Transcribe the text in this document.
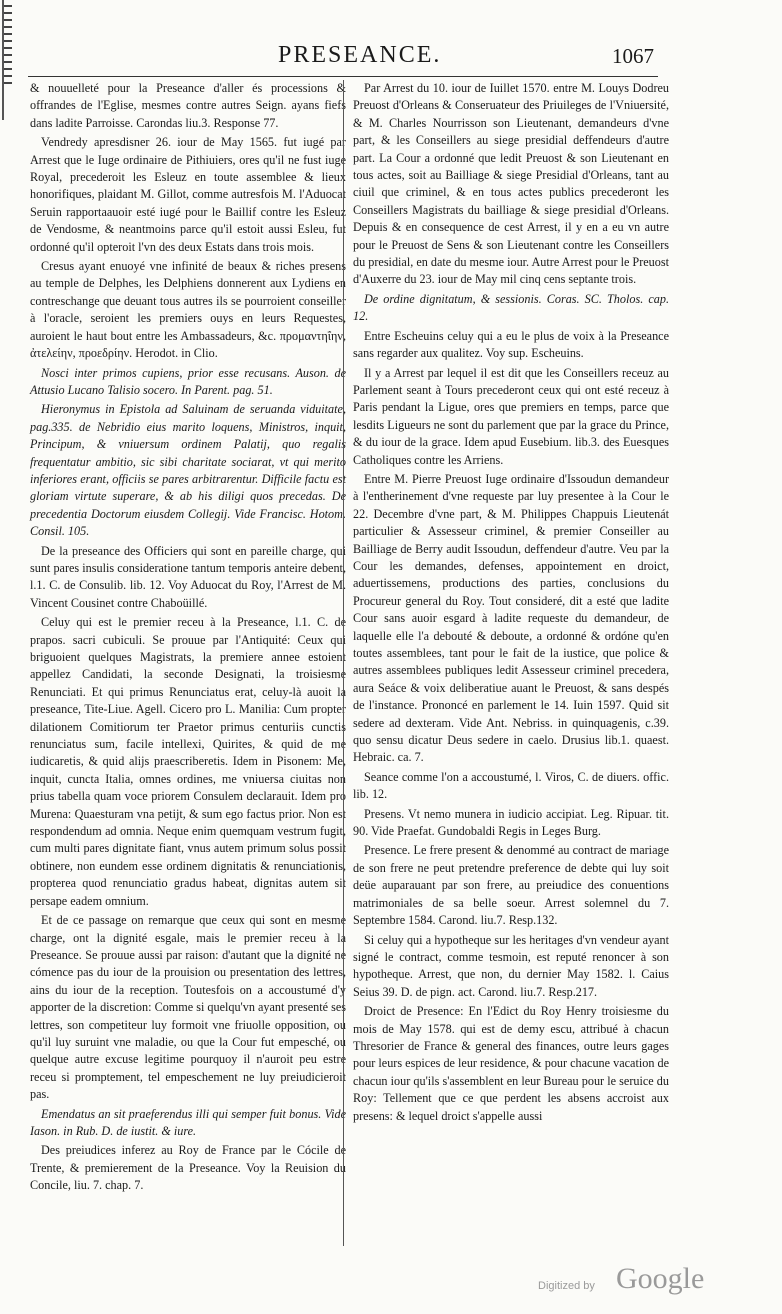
PRESEANCE.	1067

& nouuelleté pour la Preseance d'aller és processions & offrandes de l'Eglise, mesmes contre autres Seign. ayans fiefs dans ladite Parroisse. Carondas liu.3. Response 77.

Vendredy apresdisner 26. iour de May 1565. fut iugé par Arrest que le Iuge ordinaire de Pithiuiers, ores qu'il ne fust iuge Royal, precederoit les Esleuz en toute assemblee & lieux honorifiques, plaidant M. Gillot, comme autresfois M. l'Aduocat Seruin rapportaauoir esté iugé pour le Baillif contre les Esleuz de Vendosme, & neantmoins parce qu'il estoit aussi Esleu, fut ordonné qu'il opteroit l'vn des deux Estats dans trois mois.

Cresus ayant enuoyé vne infinité de beaux & riches presens au temple de Delphes, les Delphiens donnerent aux Lydiens en contreschange que deuant tous autres ils se pourroient conseiller à l'oracle, seroient les premiers ouys en leurs Requestes, auroient le haut bout entre les Ambassadeurs, &c. προμαντηΐην, ἀτελείην, προεδρίην. Herodot. in Clio.

Nosci inter primos cupiens, prior esse recusans. Auson. de Attusio Lucano Talisio socero. In Parent. pag. 51.

Hieronymus in Epistola ad Saluinam de seruanda viduitate, pag.335. de Nebridio eius marito loquens, Ministros, inquit, Principum, & vniuersum ordinem Palatij, quo regalis frequentatur ambitio, sic sibi charitate sociarat, vt qui merito inferiores erant, officiis se pares arbitrarentur. Difficile factu est gloriam virtute superare, & ab his diligi quos precedas. De precedentia Doctorum eiusdem Collegij. Vide Francisc. Hotom. Consil. 105.

De la preseance des Officiers qui sont en pareille charge, qui sunt pares insulis consideratione tantum temporis anteire debent, l.1. C. de Consulib. lib. 12. Voy Aduocat du Roy, l'Arrest de M. Vincent Cousinet contre Chaboüillé.

Celuy qui est le premier receu à la Preseance, l.1. C. de prapos. sacri cubiculi. Se prouue par l'Antiquité: Ceux qui briguoient quelques Magistrats, la premiere annee estoient appellez Candidati, la seconde Designati, la troisiesme Renunciati. Et qui primus Renunciatus erat, celuy-là auoit la preseance, Tite-Liue. Agell. Cicero pro L. Manilia: Cum propter dilationem Comitiorum ter Praetor primus centuriis cunctis renunciatus sum, facile intellexi, Quirites, & quid de me iudicaretis, & quid alijs praescriberetis. Idem in Pisonem: Me, inquit, cuncta Italia, omnes ordines, me vniuersa ciuitas non prius tabella quam voce priorem Consulem declarauit. Idem pro Murena: Quaesturam vna petijt, & sum ego factus prior. Non est respondendum ad omnia. Neque enim quemquam vestrum fugit, cum multi pares dignitate fiant, vnus autem primum solus possit obtinere, non eundem esse ordinem dignitatis & renunciationis, propterea quod renunciatio gradus habeat, dignitas autem sit persape eadem omnium.

Et de ce passage on remarque que ceux qui sont en mesme charge, ont la dignité esgale, mais le premier receu à la Preseance. Se prouue aussi par raison: d'autant que la dignité ne cómence pas du iour de la prouision ou presentation des lettres, ains du iour de la reception. Toutesfois on a accoustumé d'y apporter de la discretion: Comme si quelqu'vn ayant presenté ses lettres, son competiteur luy formoit vne friuolle opposition, ou qu'il luy suruint vne maladie, ou que la Cour fut empesché, ou quelque autre excuse legitime pourquoy il n'auroit peu estre receu si promptement, tel empeschement ne luy preiudicieroit pas.

Emendatus an sit praeferendus illi qui semper fuit bonus. Vide Iason. in Rub. D. de iustit. & iure.

Des preiudices inferez au Roy de France par le Cócile de Trente, & premierement de la Preseance. Voy la Reuision du Concile, liu. 7. chap. 7.

Par Arrest du 10. iour de Iuillet 1570. entre M. Louys Dodreu Preuost d'Orleans & Conseruateur des Priuileges de l'Vniuersité, & M. Charles Nourrisson son Lieutenant, demandeurs d'vne part, & les Conseillers au siege presidial deffendeurs d'autre part. La Cour a ordonné que ledit Preuost & son Lieutenant en tous actes, soit au Bailliage & siege Presidial d'Orleans, tant au ciuil que criminel, & en tous actes publics precederont les Conseillers Magistrats du bailliage & siege presidial d'Orleans. Depuis & en consequence de cest Arrest, il y en a eu vn autre pour le Preuost de Sens & son Lieutenant contre les Conseillers du presidial, en date du mesme iour. Autre Arrest pour le Preuost d'Auxerre du 23. iour de May mil cinq cens septante trois.

De ordine dignitatum, & sessionis. Coras. SC. Tholos. cap. 12.

Entre Escheuins celuy qui a eu le plus de voix à la Preseance sans regarder aux qualitez. Voy sup. Escheuins.

Il y a Arrest par lequel il est dit que les Conseillers receuz au Parlement seant à Tours precederont ceux qui ont esté receuz à Paris pendant la Ligue, ores que premiers en temps, parce que lesdits Ligueurs ne sont du parlement que par la grace du Prince, & du iour de la grace. Idem apud Eusebium. lib.3. des Euesques Catholiques contre les Arriens.

Entre M. Pierre Preuost Iuge ordinaire d'Issoudun demandeur à l'entherinement d'vne requeste par luy presentee à la Cour le 22. Decembre d'vne part, & M. Philippes Chappuis Lieutenát particulier & Assesseur criminel, & premier Conseiller au Bailliage de Berry audit Issoudun, deffendeur d'autre. Veu par la Cour les demandes, defenses, appointement en droict, aduertissemens, productions des parties, conclusions du Procureur general du Roy. Tout consideré, dit a esté que ladite Cour sans auoir esgard à ladite requeste du demandeur, de laquelle elle l'a debouté & deboute, a ordonné & ordóne qu'en toutes assemblees, tant pour le fait de la iustice, que police & autres assemblees publiques ledit Assesseur criminel precedera, aura Seáce & voix deliberatiue auant le Preuost, & sans despés de l'instance. Prononcé en parlement le 14. Iuin 1597. Quid sit sedere ad dexteram. Vide Ant. Nebriss. in quinquagenis, c.39. quo sensu dicatur Deus sedere in caelo. Drusius lib.1. quaest. Hebraic. ca. 7.

Seance comme l'on a accoustumé, l. Viros, C. de diuers. offic. lib. 12.

Presens. Vt nemo munera in iudicio accipiat. Leg. Ripuar. tit. 90. Vide Praefat. Gundobaldi Regis in Leges Burg.

Presence. Le frere present & denommé au contract de mariage de son frere ne peut pretendre preference de debte qui luy soit deüe auparauant par son frere, au preiudice des conuentions matrimoniales de sa belle soeur. Arrest solemnel du 7. Septembre 1584. Carond. liu.7. Resp.132.

Si celuy qui a hypotheque sur les heritages d'vn vendeur ayant signé le contract, comme tesmoin, est reputé renoncer à son hypotheque. Arrest, que non, du dernier May 1582. l. Caius Seius 39. D. de pign. act. Carond. liu.7. Resp.217.

Droict de Presence: En l'Edict du Roy Henry troisiesme du mois de May 1578. qui est de demy escu, attribué à chacun Thresorier de France & general des finances, outre leurs gages pour leurs espices de leur residence, & pour chacune vacation de chacun iour qu'ils s'assemblent en leur Bureau pour le seruice du Roy: Tellement que ce que perdent les absens accroist aux presens: & lequel droict s'appelle aussi

Digitized by Google
